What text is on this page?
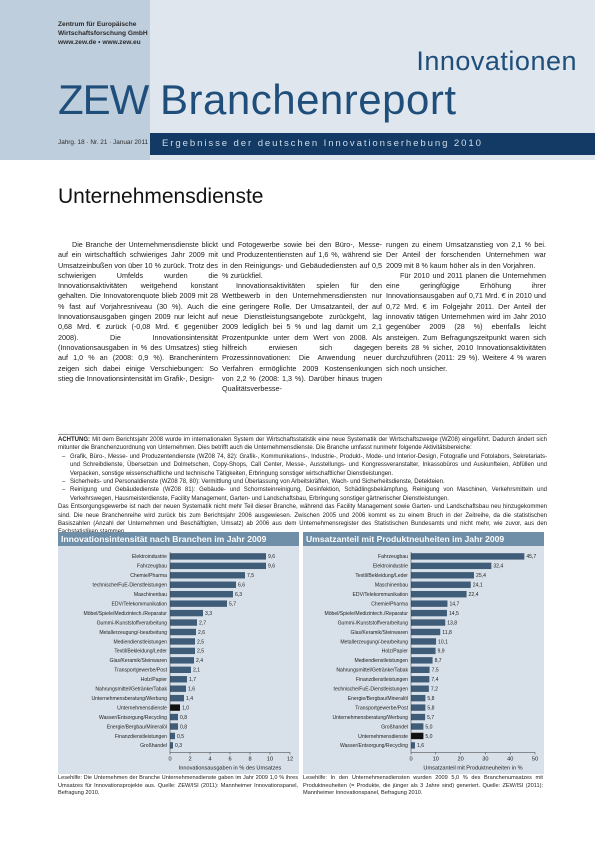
Zentrum für Europäische
Wirtschaftsforschung GmbH
www.zew.de • www.zew.eu
Innovationen
ZEW Branchenreport
Jahrg. 18 · Nr. 21 · Januar 2011 Ergebnisse der deutschen Innovationserhebung 2010
Unternehmensdienste

Die Branche der Unternehmensdienste blickt auf ein wirtschaftlich schwieriges Jahr 2009 mit Umsatzeinbußen von über 10 % zurück. Trotz des schwierigen Umfelds wurden die Innovationsaktivitäten weitgehend konstant gehalten. Die Innovatorenquote blieb 2009 mit 28 % fast auf Vorjahresniveau (30 %). Auch die Innovationsausgaben gingen 2009 nur leicht auf 0,68 Mrd. € zurück (-0,08 Mrd. € gegenüber 2008). Die Innovationsintensität (Innovationsausgaben in % des Umsatzes) stieg auf 1,0 % an (2008: 0,9 %). Branchenintern zeigen sich dabei einige Verschiebungen: So stieg die Innovationsintensität im Grafik-, Design-

und Fotogewerbe sowie bei den Büro-, Messe- und Produzententiensten auf 1,6 %, während sie in den Reinigungs- und Gebäudediensten auf 0,5 % zurückfiel.

Innovationsaktivitäten spielen für den Wettbewerb in den Unternehmensdiensten nur eine geringere Rolle. Der Umsatzanteil, der auf neue Dienstleistungsangebote zurückgeht, lag 2009 lediglich bei 5 % und lag damit um 2,1 Prozentpunkte unter dem Wert von 2008. Als hilfreich erwiesen sich dagegen Prozessinnovationen: Die Anwendung neuer Verfahren ermöglichte 2009 Kostensenkungen von 2,2 % (2008: 1,3 %). Darüber hinaus trugen Qualitätsverbesse-

rungen zu einem Umsatzanstieg von 2,1 % bei. Der Anteil der forschenden Unternehmen war 2009 mit 8 % kaum höher als in den Vorjahren.

Für 2010 und 2011 planen die Unternehmen eine geringfügige Erhöhung ihrer Innovationsausgaben auf 0,71 Mrd. € in 2010 und 0,72 Mrd. € im Folgejahr 2011. Der Anteil der innovativ tätigen Unternehmen wird im Jahr 2010 gegenüber 2009 (28 %) ebenfalls leicht ansteigen. Zum Befragungszeitpunkt waren sich bereits 28 % sicher, 2010 Innovationsaktivitäten durchzuführen (2011: 29 %). Weitere 4 % waren sich noch unsicher.

ACHTUNG: Mit dem Berichtsjahr 2008 wurde im internationalen System der Wirtschaftsstatistik eine neue Systematik der Wirtschaftszweige (WZ08) eingeführt. Dadurch ändert sich mitunter die Branchenzuordnung von Unternehmen. Dies betrifft auch die Unternehmensdienste. Die Branche umfasst nunmehr folgende Aktivitätsbereiche:

– Grafik, Büro-, Messe- und Produzentendienste (WZ08 74, 82): Grafik-, Kommunikations-, Industrie-, Produkt-, Mode- und Interior-Design, Fotografie und Fotolabors, Sekretariats- und Schreibdienste, Übersetzen und Dolmetschen, Copy-Shops, Call Center, Messe-, Ausstellungs- und Kongressveranstalter, Inkassobüros und Auskunfteien, Abfüllen und Verpacken, sonstige wissenschaftliche und technische Tätigkeiten, Erbringung sonstiger wirtschaftlicher Dienstleistungen.
– Sicherheits- und Personaldienste (WZ08 78, 80): Vermittlung und Überlassung von Arbeitskräften, Wach- und Sicherheitsdienste, Detekteien.
– Reinigung und Gebäudedienste (WZ08 81): Gebäude- und Schornsteinreinigung, Desinfektion, Schädlingsbekämpfung, Reinigung von Maschinen, Verkehrsmitteln und Verkehrswegen, Hausmeisterdienste, Facility Management, Garten- und Landschaftsbau, Erbringung sonstiger gärtnerischer Dienstleistungen.

Das Entsorgungsgewerbe ist nach der neuen Systematik nicht mehr Teil dieser Branche, während das Facility Management sowie Garten- und Landschaftsbau neu hinzugekommen sind. Die neue Branchenreihe wird zurück bis zum Berichtsjahr 2006 ausgewiesen. Zwischen 2005 und 2006 kommt es zu einem Bruch in der Zeitreihe, da die statistischen Basiszahlen (Anzahl der Unternehmen und Beschäftigten, Umsatz) ab 2006 aus dem Unternehmensregister des Statistischen Bundesamts und nicht mehr, wie zuvor, aus den

Innovationsintensität nach Branchen im Jahr 2009
Elektroindustrie	9,6
Fahrzeugbau	9,6
Chemie/Pharma	7,5
technische/FuE-Dienstleistungen	6,6
Maschinenbau	6,3
EDV/Telekommunikation	5,7
Möbel/Spiele/Medizintech./Reparatur	3,3
Gummi-/Kunststoffverarbeitung	2,7
Metallerzeugung/-bearbeitung	2,6
Mediendienstleistungen	2,5
Textil/Bekleidung/Leder	2,5
Glas/Keramik/Steinwaren	2,4
Transportgewerbe/Post	2,1
Holz/Papier	1,7
Nahrungsmittel/Getränke/Tabak	1,6
Unternehmensberatung/Werbung	1,4
Unternehmensdienste	1,0
Wasser/Entsorgung/Recycling	0,8
Energie/Bergbau/Mineralöl	0,8
Finanzdienstleistungen 0,5
Großhandel 0,3
0	2	4	6	8	10 12
Innovationsausgaben in % des Umsatzes
Umsatzanteil mit Produktneuheiten im Jahr 2009
Fahrzeugbau	45,7
Elektroindustrie	32,4
Textil/Bekleidung/Leder	25,4
Maschinenbau	24,1
EDV/Telekommunikation	22,4
Chemie/Pharma	14,7
Möbel/Spiele/Medizintech./Reparatur	14,5
Gummi-/Kunststoffverarbeitung	13,8
Glas/Keramik/Steinwaren	11,8
Metallerzeugung/-bearbeitung	10,1
Holz/Papier	9,9
Mediendienstleistungen	8,7
Nahrungsmittel/Getränke/Tabak	7,5
Finanzdienstleistungen	7,4
technische/FuE-Dienstleistungen	7,2
Energie/Bergbau/Mineralöl	5,8
Transportgewerbe/Post	5,8
Unternehmensberatung/Werbung	5,7
Großhandel	5,0
Unternehmensdienste	5,0
Wasser/Entsorgung/Recycling 1,6
0	10	20	30	40	50
Umsatzanteil mit Produktneuheiten in %
Lesehilfe: Die Unternehmen der Branche Unternehmensdienste gaben im Jahr 2009 1,0 % ihres Umsatzes für Innovationsprojekte aus. Quelle: ZEW/ISI (2011): Mannheimer Innovationspanel, Befragung 2010.
Lesehilfe: In den Unternehmensdiensten wurden 2009 5,0 % des Branchenumsatzes mit Produktneuheiten (= Produkte, die jünger als 3 Jahre sind) generiert. Quelle: ZEW/ISI (2011): Mannheimer Innovationspanel, Befragung 2010.
